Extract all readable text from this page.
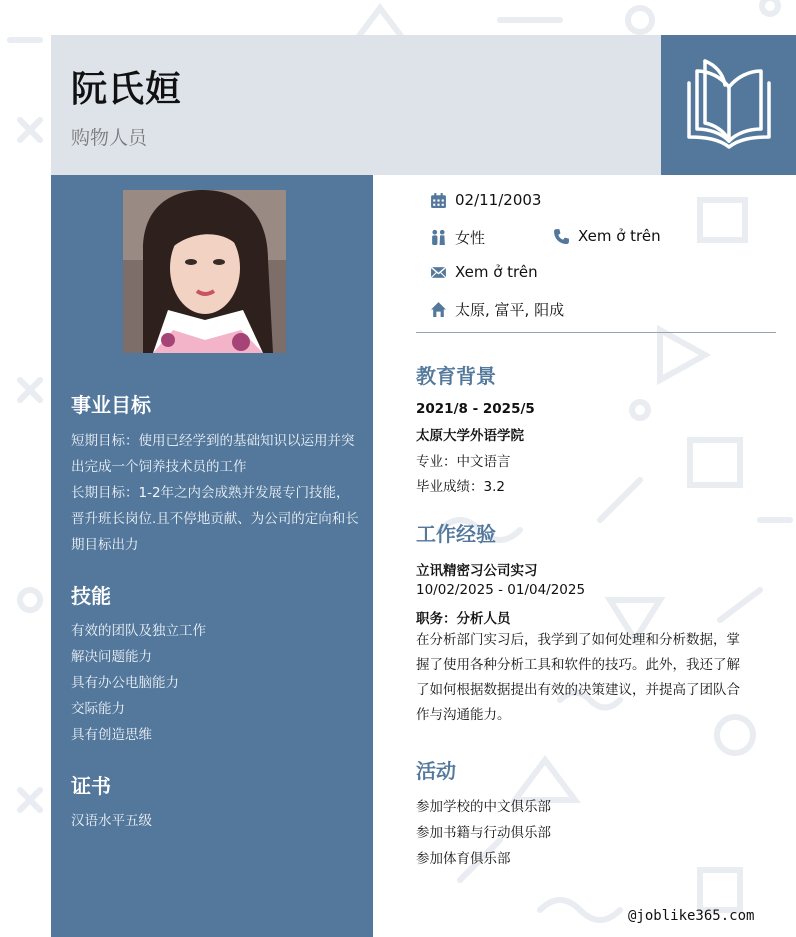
阮氏姮
购物人员
事业目标
短期目标：使用已经学到的基础知识以运用并突出完成一个饲养技术员的工作
长期目标：1-2年之内会成熟并发展专门技能，晋升班长岗位.且不停地贡献、为公司的定向和长期目标出力
技能
有效的团队及独立工作
解决问题能力
具有办公电脑能力
交际能力
具有创造思维
证书
汉语水平五级
02/11/2003
女性	Xem ở trên
Xem ở trên
太原, 富平, 阳成
教育背景
2021/8 - 2025/5
太原大学外语学院
专业：中文语言
毕业成绩：3.2
工作经验
立讯精密习公司实习
10/02/2025 - 01/04/2025
职务：分析人员
在分析部门实习后，我学到了如何处理和分析数据，掌握了使用各种分析工具和软件的技巧。此外，我还了解了如何根据数据提出有效的决策建议，并提高了团队合作与沟通能力。
活动
参加学校的中文俱乐部
参加书籍与行动俱乐部
参加体育俱乐部
@joblike365.com
